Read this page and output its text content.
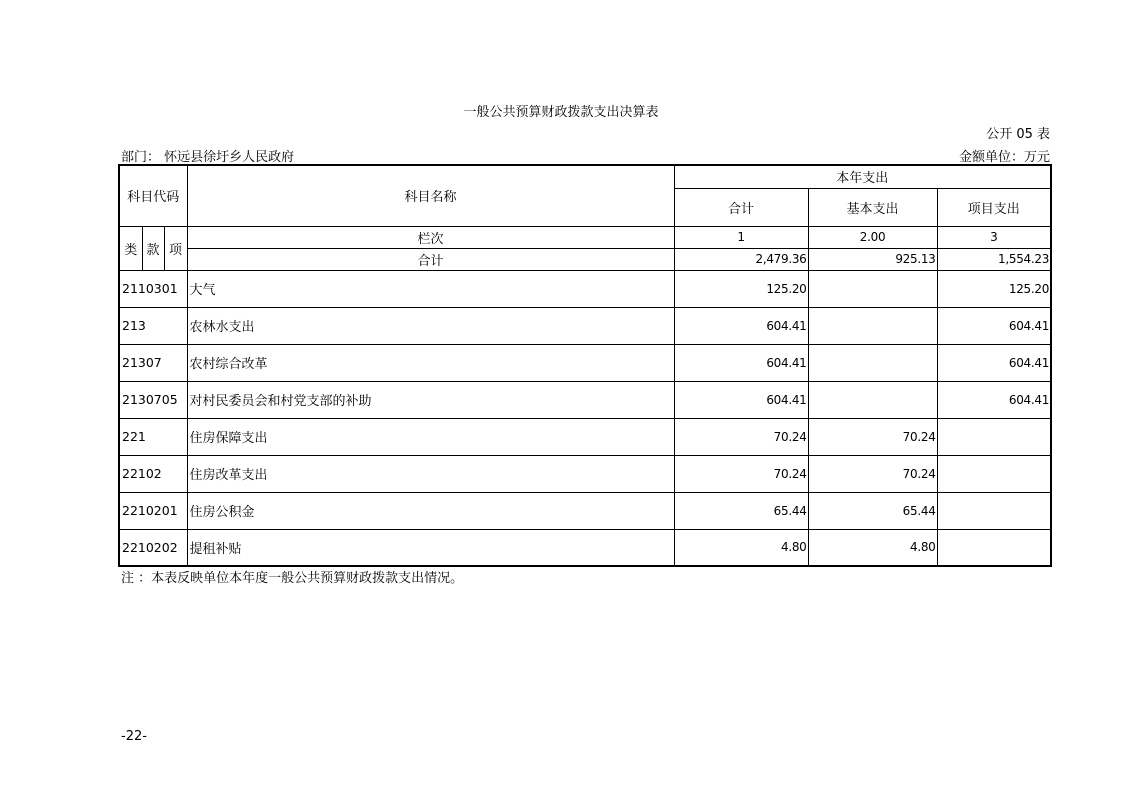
一般公共预算财政拨款支出决算表
公开 05 表
部门： 怀远县徐圩乡人民政府	金额单位：万元
科目代码			科目名称	本年支出		
				合计	基本支出	项目支出
类	款	项	栏次	1	2.00	3
			合计	2,479.36	925.13	1,554.23
2110301			大气	125.20		125.20
213			农林水支出	604.41		604.41
21307			农村综合改革	604.41		604.41
2130705			对村民委员会和村党支部的补助	604.41		604.41
221			住房保障支出	70.24	70.24	
22102			住房改革支出	70.24	70.24	
2210201			住房公积金	65.44	65.44	
2210202			提租补贴	4.80	4.80	
注 ：本表反映单位本年度一般公共预算财政拨款支出情况。
-22-
